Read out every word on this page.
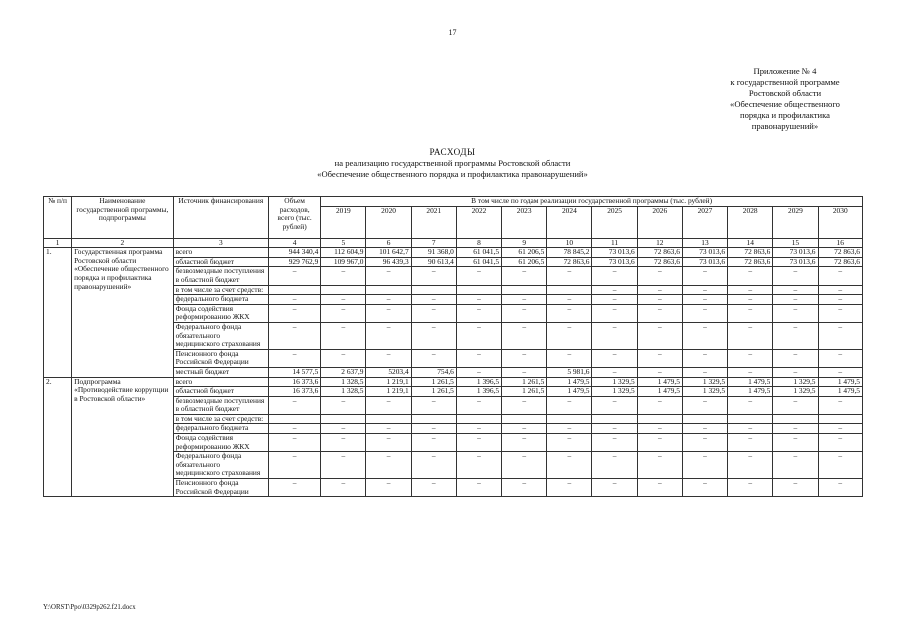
17
Приложение № 4
к государственной программе
Ростовской области
«Обеспечение общественного
порядка и профилактика
правонарушений»
РАСХОДЫ
на реализацию государственной программы Ростовской области
«Обеспечение общественного порядка и профилактика правонарушений»
№ п/п	Наименование государственной программы, подпрограммы	Источник финансирования	Объем расходов, всего (тыс. рублей)	В том числе по годам реализации государственной программы (тыс. рублей)											
				2019	2020	2021	2022	2023	2024	2025	2026	2027	2028	2029	2030
1	2	3	4	5	6	7	8	9	10	11	12	13	14	15	16
1.	Государственная программа Ростовской области «Обеспечение общественного порядка и профилактика правонарушений»	всего	944 340,4	112 604,9	101 642,7	91 368,0	61 041,5	61 206,5	78 845,2	73 013,6	72 863,6	73 013,6	72 863,6	73 013,6	72 863,6
		областной бюджет	929 762,9	109 967,0	96 439,3	90 613,4	61 041,5	61 206,5	72 863,6	73 013,6	72 863,6	73 013,6	72 863,6	73 013,6	72 863,6
		безвозмездные поступления в областной бюджет	–	–	–	–	–	–	–	–	–	–	–	–	–
		в том числе за счет средств:								–	–	–	–	–	–
		федерального бюджета	–	–	–	–	–	–	–	–	–	–	–	–	–
		Фонда содействия реформированию ЖКХ	–	–	–	–	–	–	–	–	–	–	–	–	–
		Федерального фонда обязательного медицинского страхования	–	–	–	–	–	–	–	–	–	–	–	–	–
		Пенсионного фонда Российской Федерации	–	–	–	–	–	–	–	–	–	–	–	–	–
		местный бюджет	14 577,5	2 637,9	5203,4	754,6	–	–	5 981,6	–	–	–	–	–	–
2.	Подпрограмма «Противодействие коррупции в Ростовской области»	всего	16 373,6	1 328,5	1 219,1	1 261,5	1 396,5	1 261,5	1 479,5	1 329,5	1 479,5	1 329,5	1 479,5	1 329,5	1 479,5
		областной бюджет	16 373,6	1 328,5	1 219,1	1 261,5	1 396,5	1 261,5	1 479,5	1 329,5	1 479,5	1 329,5	1 479,5	1 329,5	1 479,5
		безвозмездные поступления в областной бюджет	–	–	–	–	–	–	–	–	–	–	–	–	–
		в том числе за счет средств:													
		федерального бюджета	–	–	–	–	–	–	–	–	–	–	–	–	–
		Фонда содействия реформированию ЖКХ	–	–	–	–	–	–	–	–	–	–	–	–	–
		Федерального фонда обязательного медицинского страхования	–	–	–	–	–	–	–	–	–	–	–	–	–
		Пенсионного фонда Российской Федерации	–	–	–	–	–	–	–	–	–	–	–	–	–
Y:\ORST\Ppo\0329p262.f21.docx
